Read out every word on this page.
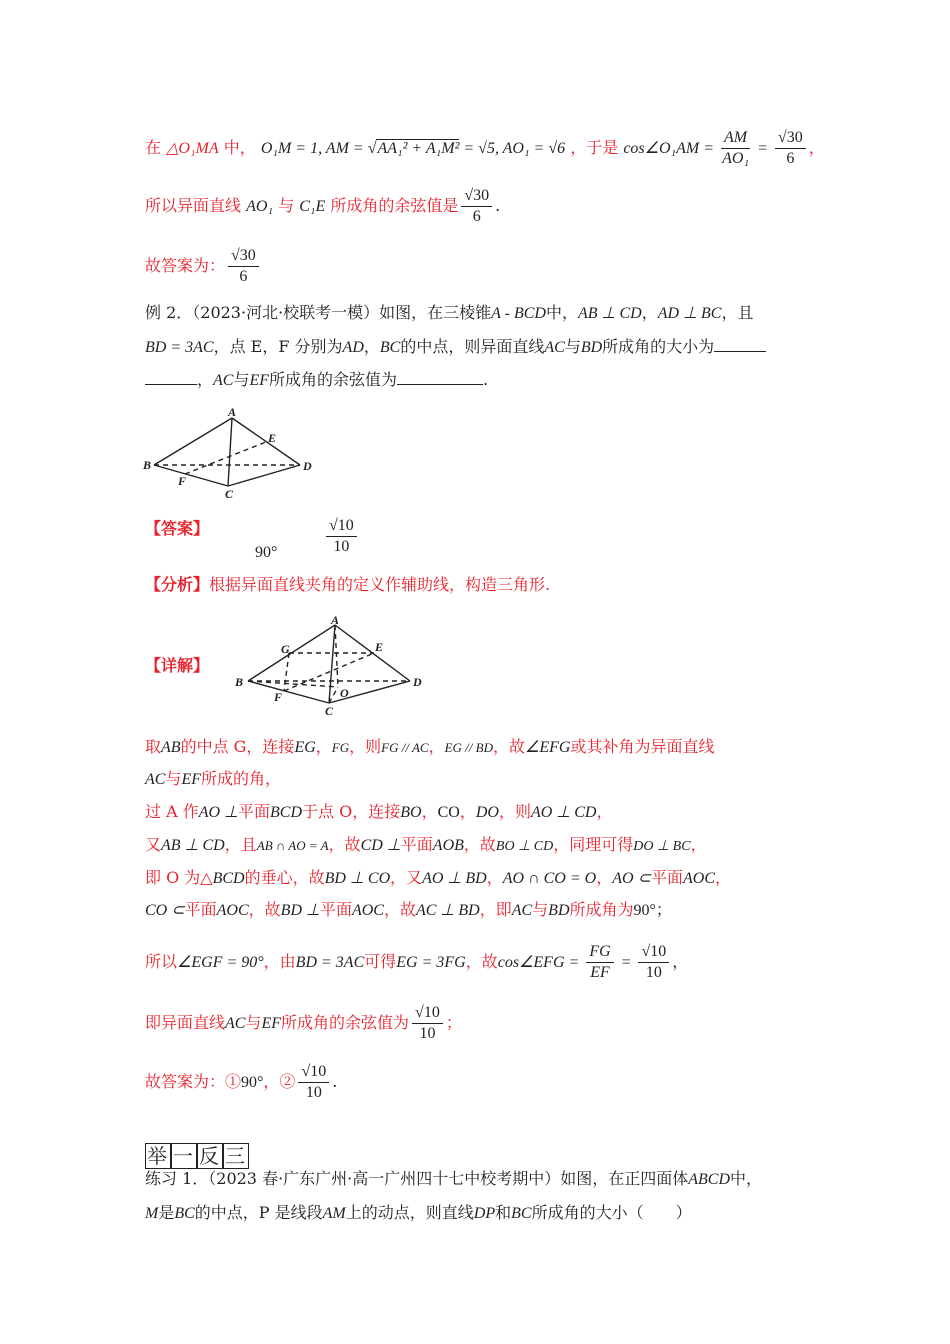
在 △O₁MA 中， O₁M = 1, AM = √AA₁² + A₁M² = √5, AO₁ = √6 ，于是 cos∠O₁AM = $\frac{AM}{\text{AO₁}} = \frac{√30}{6}$ ，
所以异面直线 AO₁ 与 C₁E 所成角的余弦值是 $\frac{√30}{6}$ .
故答案为： $\frac{√30}{6}$
例 2．（2023·河北·校联考一模）如图，在三棱锥A - BCD中，AB ⊥ CD，AD ⊥ BC，且
BD = 3AC，点 E，F 分别为AD，BC的中点，则异面直线AC与BD所成角的大小为
，AC与EF所成角的余弦值为	.
A
B
C
D
E
F
【答案】
90°	$\frac{√10}{10}$
【分析】根据异面直线夹角的定义作辅助线，构造三角形.
【详解】
A
B
C
D
E
F
G
O
取AB的中点 G，连接EG，FG，则FG // AC，EG // BD，故∠EFG或其补角为异面直线
AC与EF所成的角，
过 A 作AO ⊥平面BCD于点 O，连接BO，CO，DO，则AO ⊥ CD，
又AB ⊥ CD，且AB ∩ AO = A，故CD ⊥平面AOB，故BO ⊥ CD，同理可得DO ⊥ BC，
即 O 为△BCD的垂心，故BD ⊥ CO，又AO ⊥ BD，AO ∩ CO = O，AO ⊂平面AOC，
CO ⊂平面AOC，故BD ⊥平面AOC，故AC ⊥ BD，即AC与BD所成角为90°；
所以∠EGF = 90°，由BD = 3AC可得EG = 3FG，故cos∠EFG = $\frac{FG}{EF} = \frac{√10}{10}$ ，
即异面直线AC与EF所成角的余弦值为 $\frac{√10}{10}$ ；
故答案为：①90°，② $\frac{√10}{10}$ .
举 一 反 三
练习 1．（2023 春·广东广州·高一广州四十七中校考期中）如图，在正四面体ABCD中，
M是BC的中点，P 是线段AM上的动点，则直线DP和BC所成角的大小（　　）
